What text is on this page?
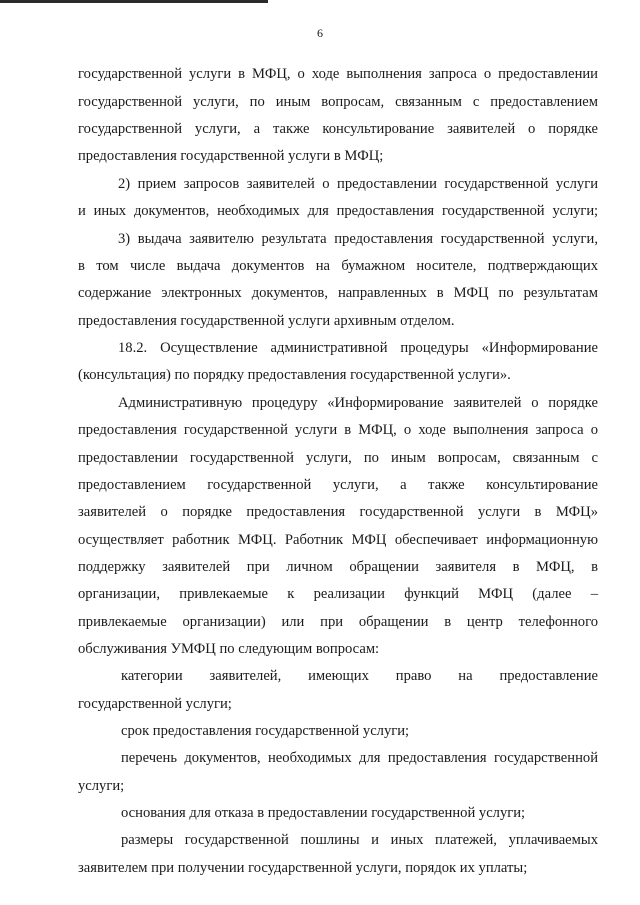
6
государственной услуги в МФЦ, о ходе выполнения запроса о предоставлении
государственной услуги, по иным вопросам, связанным с предоставлением
государственной услуги, а также консультирование заявителей о порядке
предоставления государственной услуги в МФЦ;
2) прием запросов заявителей о предоставлении государственной услуги
и иных документов, необходимых для предоставления государственной услуги;
3) выдача заявителю результата предоставления государственной услуги,
в том числе выдача документов на бумажном носителе, подтверждающих
содержание электронных документов, направленных в МФЦ по результатам
предоставления государственной услуги архивным отделом.
18.2. Осуществление административной процедуры «Информирование
(консультация) по порядку предоставления государственной услуги».
Административную процедуру «Информирование заявителей о порядке
предоставления государственной услуги в МФЦ, о ходе выполнения запроса о
предоставлении государственной услуги, по иным вопросам, связанным с
предоставлением государственной услуги, а также консультирование
заявителей о порядке предоставления государственной услуги в МФЦ»
осуществляет работник МФЦ. Работник МФЦ обеспечивает информационную
поддержку заявителей при личном обращении заявителя в МФЦ, в
организации, привлекаемые к реализации функций МФЦ (далее –
привлекаемые организации) или при обращении в центр телефонного
обслуживания УМФЦ по следующим вопросам:
категории заявителей, имеющих право на предоставление
государственной услуги;
срок предоставления государственной услуги;
перечень документов, необходимых для предоставления государственной
услуги;
основания для отказа в предоставлении государственной услуги;
размеры государственной пошлины и иных платежей, уплачиваемых
заявителем при получении государственной услуги, порядок их уплаты;
